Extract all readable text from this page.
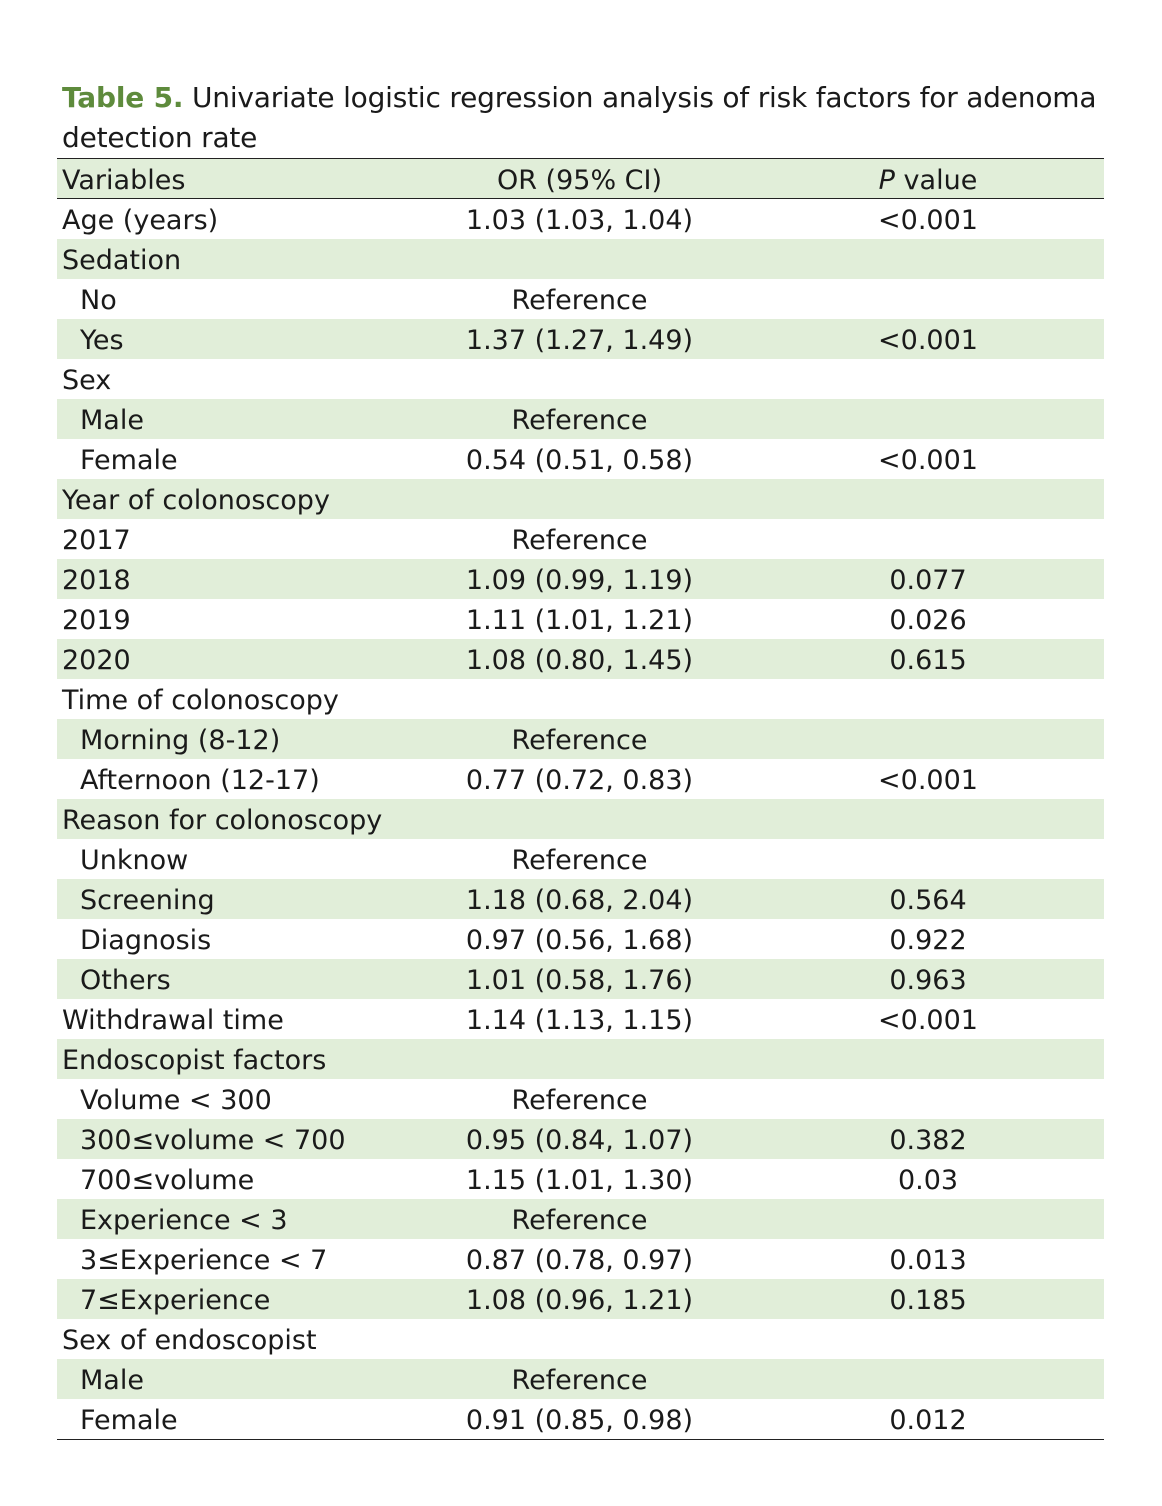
Table 5. Univariate logistic regression analysis of risk factors for adenoma detection rate
Variables	OR (95% CI)	P value
Age (years)	1.03 (1.03, 1.04)	<0.001
Sedation
No	Reference
Yes	1.37 (1.27, 1.49)	<0.001
Sex
Male	Reference
Female	0.54 (0.51, 0.58)	<0.001
Year of colonoscopy
2017	Reference
2018	1.09 (0.99, 1.19)	0.077
2019	1.11 (1.01, 1.21)	0.026
2020	1.08 (0.80, 1.45)	0.615
Time of colonoscopy
Morning (8-12)	Reference
Afternoon (12-17)	0.77 (0.72, 0.83)	<0.001
Reason for colonoscopy
Unknow	Reference
Screening	1.18 (0.68, 2.04)	0.564
Diagnosis	0.97 (0.56, 1.68)	0.922
Others	1.01 (0.58, 1.76)	0.963
Withdrawal time	1.14 (1.13, 1.15)	<0.001
Endoscopist factors
Volume < 300	Reference
300≤volume < 700	0.95 (0.84, 1.07)	0.382
700≤volume	1.15 (1.01, 1.30)	0.03
Experience < 3	Reference
3≤Experience < 7	0.87 (0.78, 0.97)	0.013
7≤Experience	1.08 (0.96, 1.21)	0.185
Sex of endoscopist
Male	Reference
Female	0.91 (0.85, 0.98)	0.012
